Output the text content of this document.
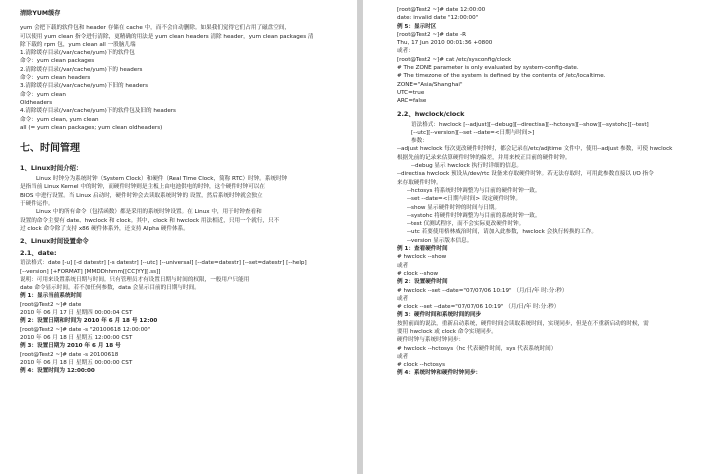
清除YUM缓存
yum 会把下载的软件包和 header 存储在 cache 中，而不会自动删除。如果我们觉得它们占用了磁盘空间，
可以使用 yum clean 指令进行清除，更精确的用法是 yum clean headers 清除 header，yum clean packages 清
除下载的 rpm 包，yum clean all 一股脑儿端
1.清除缓存目录(/var/cache/yum)下的软件包
命令：yum clean packages
2.清除缓存目录(/var/cache/yum)下的 headers
命令：yum clean headers
3.清除缓存目录(/var/cache/yum)下旧的 headers
命令：yum clean
Oldheaders
4.清除缓存目录(/var/cache/yum)下的软件包及旧的 headers
命令：yum clean, yum clean
all (= yum clean packages; yum clean oldheaders)
七、时间管理
1、Linux时间介绍：
Linux 时钟分为系统时钟（System Clock）和硬件（Real Time Clock，简称 RTC）时钟。系统时钟
是指当前 Linux Kernel 中的时钟，而硬件时钟则是主板上由电池供电的时钟，这个硬件时钟可以在
BIOS 中进行设置。当 Linux 启动时，硬件时钟会去读取系统时钟的 设置，然后系统时钟就会独立
于硬件运作。
Linux 中的所有命令（包括函数）都是采用的系统时钟设置。在 Linux 中，用于时钟查看和
设置的命令主要有 date、hwclock 和 clock。其中，clock 和 hwclock 用法相近，只用一个就行，只不
过 clock 命令除了支持 x86 硬件体系外，还支持 Alpha 硬件体系。
2、Linux时间设置命令
2.1、date:
语法格式：date [-u] [-d datestr] [-s datestr] [--utc] [--universal] [--date=datestr] [--set=datestr] [--help]
[--version] [+FORMAT] [MMDDhhmm[[CC]YY][.ss]]
说明：可用来设置系统日期与时间。只有管理员才有设置日期与时间的权限，一般用户只能用
date 命令显示时间。若不加任何参数，data 会显示目前的日期与时间。
例 1：显示当前系统时间
[root@Test2 ~]# date
2010 年 06 月 17 日 星期四 00:00:04 CST
例 2：设置日期和时间为 2010 年 6 月 18 号 12:00
[root@Test2 ~]# date -s "20100618 12:00:00"
2010 年 06 月 18 日 星期五 12:00:00 CST
例 3：设置日期为 2010 年 6 月 18 号
[root@Test2 ~]# date -s 20100618
2010 年 06 月 18 日 星期五 00:00:00 CST
例 4：设置时间为 12:00:00
[root@Test2 ~]# date 12:00:00
date: invalid date "12:00:00"
例 5：显示时区
[root@Test2 ~]# date -R
Thu, 17 Jun 2010 00:01:36 +0800
或者：
[root@Test2 ~]# cat /etc/sysconfig/clock
# The ZONE parameter is only evaluated by system-config-date.
# The timezone of the system is defined by the contents of /etc/localtime.
ZONE="Asia/Shanghai"
UTC=true
ARC=false
2.2、hwclock/clock
语法格式：hwclock [--adjust][--debug][--directisa][--hctosys][--show][--systohc][--test]
[--utc][--version][--set --date=<日期与时间>]
参数：
--adjust hwclock 每次更改硬件时钟时，都会记录在/etc/adjtime 文件中，使用--adjust 参数，可使 hwclock
根据先前的记录来估算硬件时钟的偏差，并用来校正目前的硬件时钟。
--debug 显示 hwclock 执行时详细的信息。
--directisa hwclock 预设从/dev/rtc 设备来存取硬件时钟。若无法存取时，可用此参数直接以 I/O 指令
来存取硬件时钟。
--hctosys 将系统时钟调整为与目前的硬件时钟一致。
--set --date=<日期与时间> 设定硬件时钟。
--show 显示硬件时钟的时间与日期。
--systohc 将硬件时钟调整为与目前的系统时钟一致。
--test 仅测试程序，而不会实际更改硬件时钟。
--utc 若要使用格林威治时间，请加入此参数，hwclock 会执行转换的工作。
--version 显示版本信息。
例 1：查看硬件时间
# hwclock --show
或者
# clock --show
例 2：设置硬件时间
# hwclock --set --date="07/07/06 10:19" （月/日/年 时:分:秒）
或者
# clock --set --date="07/07/06 10:19" （月/日/年 时:分:秒）
例 3：硬件时间和系统时间的同步
按照前面的说法，重新启动系统，硬件时间会读取系统时间，实现同步，但是在不重新启动的时候，需
要用 hwclock 或 clock 命令实现同步。
硬件时钟与系统时钟同步：
# hwclock --hctosys（hc 代表硬件时间，sys 代表系统时间）
或者
# clock --hctosys
例 4：系统时钟和硬件时钟同步：
